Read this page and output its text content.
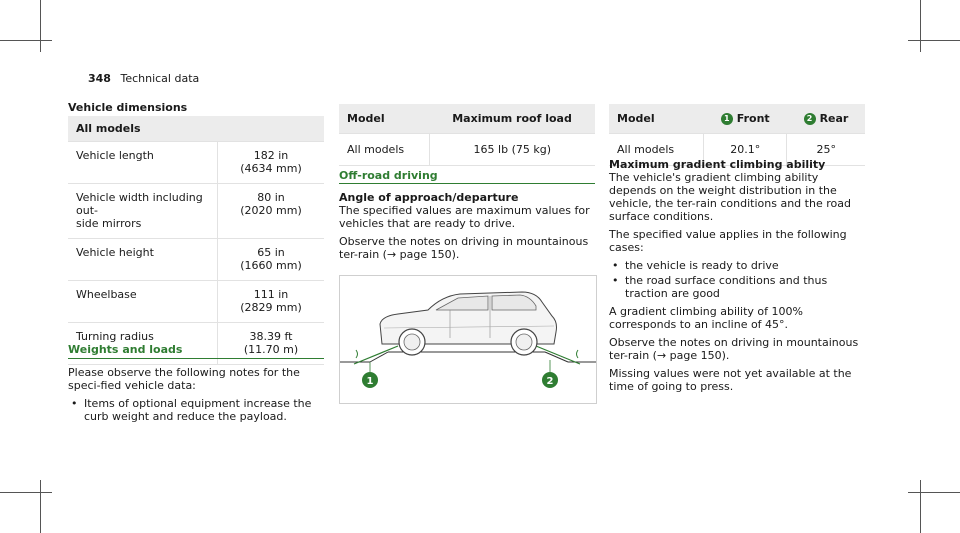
348 Technical data
Vehicle dimensions
All models	
Vehicle length	182 in
(4634 mm)
Vehicle width including out-
side mirrors	80 in
(2020 mm)
Vehicle height	65 in
(1660 mm)
Wheelbase	111 in
(2829 mm)
Turning radius	38.39 ft
(11.70 m)
Weights and loads

Please observe the following notes for the speci-fied vehicle data:

• Items of optional equipment increase the curb weight and reduce the payload.
Model	Maximum roof load
All models	165 lb (75 kg)
Off-road driving

Angle of approach/departure

The specified values are maximum values for vehicles that are ready to drive.

Observe the notes on driving in mountainous ter-rain (→ page 150).

1	2
Model	1 Front	2 Rear
All models	20.1°	25°

Maximum gradient climbing ability

The vehicle's gradient climbing ability depends on the weight distribution in the vehicle, the ter-rain conditions and the road surface conditions.

The specified value applies in the following cases:

• the vehicle is ready to drive
• the road surface conditions and thus traction are good

A gradient climbing ability of 100% corresponds to an incline of 45°.

Observe the notes on driving in mountainous ter-rain (→ page 150).

Missing values were not yet available at the time of going to press.
